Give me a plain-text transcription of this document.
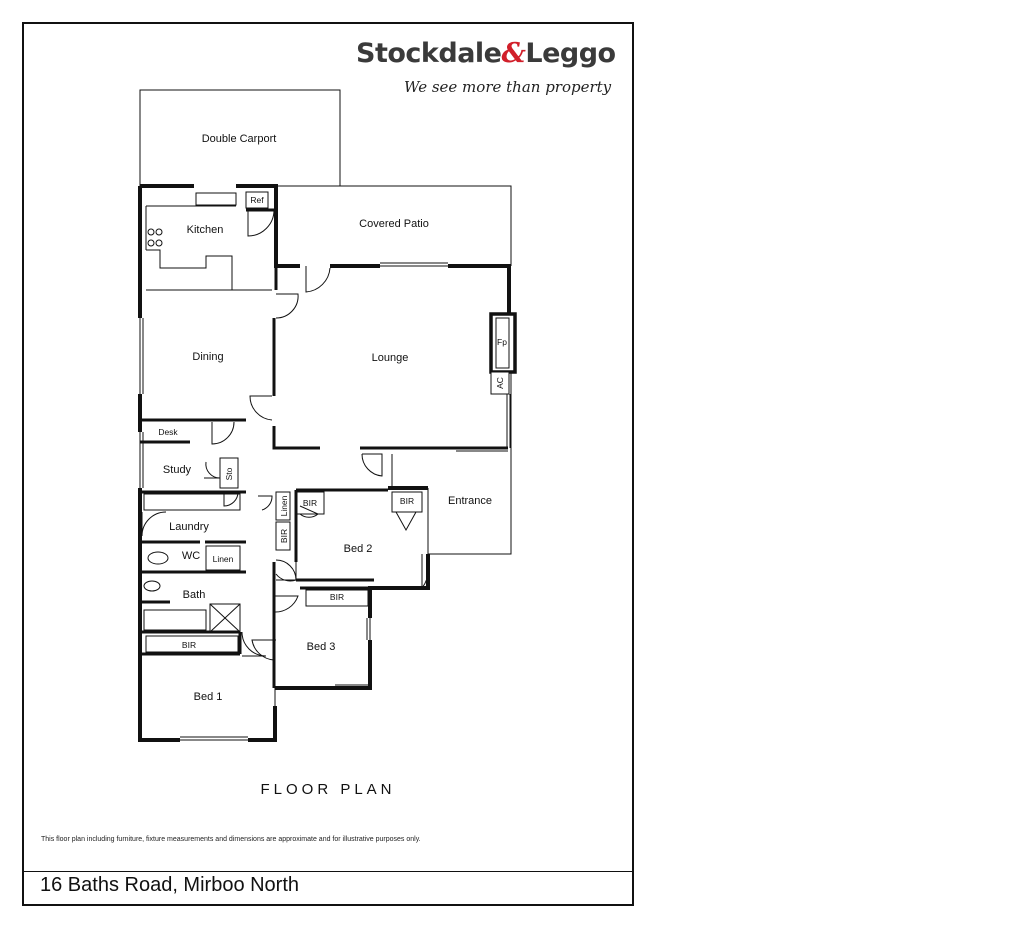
Stockdale&Leggo
We see more than property
Double Carport
Covered Patio
Kitchen
Ref
Dining	Lounge
Fp
AC
Desk
Study	Sto
Laundry
WC Linen
Bath
BIR
Bed 1
Linen
BIR
BIR
Bed 2
BIR	Entrance
BIR
Bed 3
FLOOR PLAN
This floor plan including furniture, fixture measurements and dimensions are approximate and for illustrative purposes only.
16 Baths Road, Mirboo North
